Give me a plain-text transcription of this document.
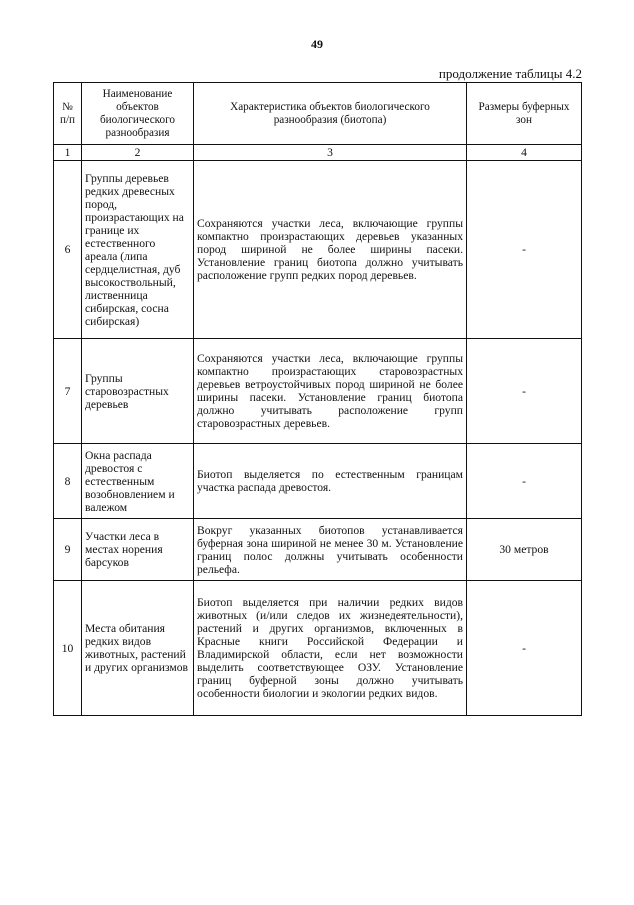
49
продолжение таблицы 4.2
№ п/п	Наименование объектов биологического разнообразия	Характеристика объектов биологического разнообразия (биотопа)	Размеры буферных зон
1	2	3	4
6	Группы деревьев редких древесных пород, произрастающих на границе их естественного ареала (липа сердцелистная, дуб высокоствольный, лиственница сибирская, сосна сибирская)	Сохраняются участки леса, включающие группы компактно произрастающих деревьев указанных пород шириной не более ширины пасеки. Установление границ биотопа должно учитывать расположение групп редких пород деревьев.	-
7	Группы старовозрастных деревьев	Сохраняются участки леса, включающие группы компактно произрастающих старовозрастных деревьев ветроустойчивых пород шириной не более ширины пасеки. Установление границ биотопа должно учитывать расположение групп старовозрастных деревьев.	-
8	Окна распада древостоя с естественным возобновлением и валежом	Биотоп выделяется по естественным границам участка распада древостоя.	-
9	Участки леса в местах норения барсуков	Вокруг указанных биотопов устанавливается буферная зона шириной не менее 30 м. Установление границ полос должны учитывать особенности рельефа.	30 метров
10	Места обитания редких видов животных, растений и других организмов	Биотоп выделяется при наличии редких видов животных (и/или следов их жизнедеятельности), растений и других организмов, включенных в Красные книги Российской Федерации и Владимирской области, если нет возможности выделить соответствующее ОЗУ. Установление границ буферной зоны должно учитывать особенности биологии и экологии редких видов.	-
